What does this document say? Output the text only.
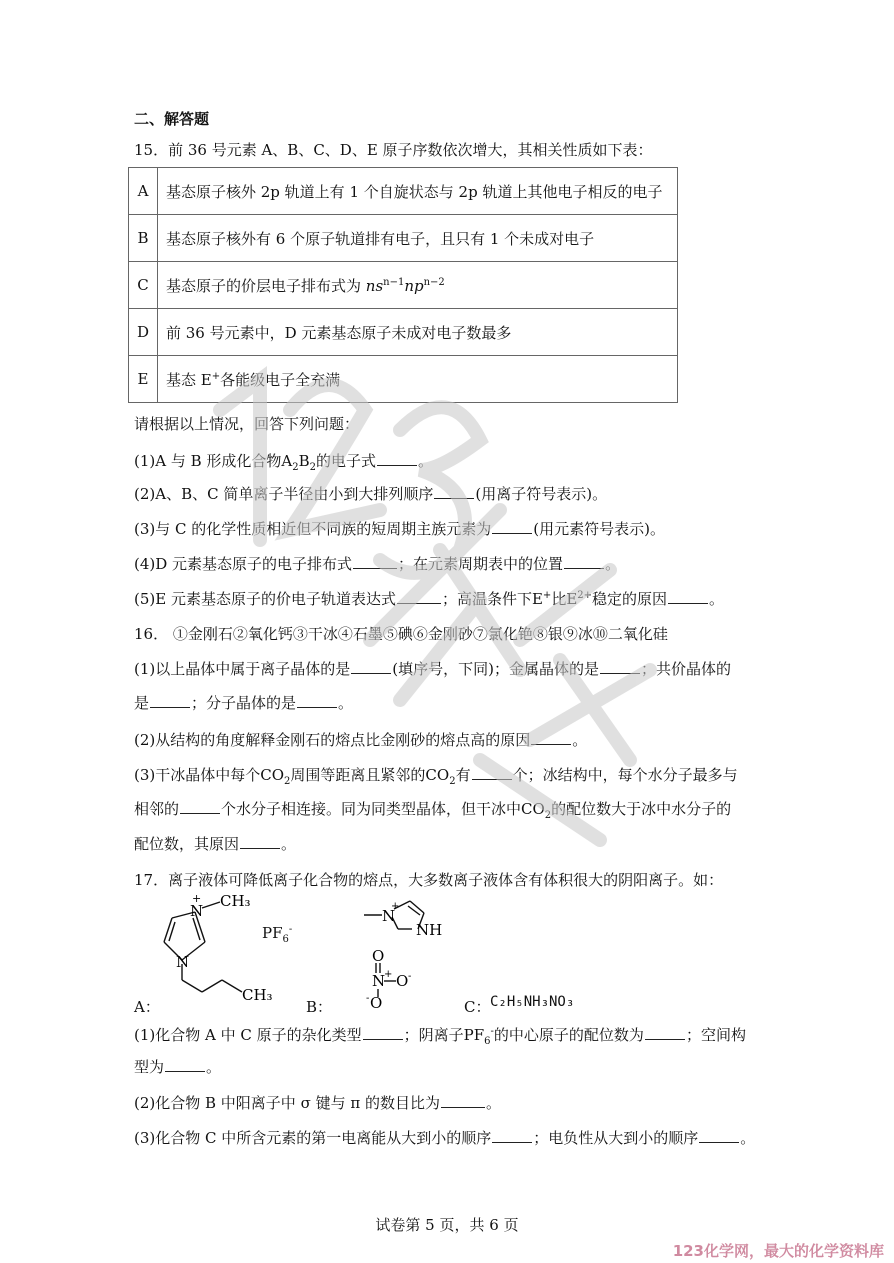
二、解答题
15．前 36 号元素 A、B、C、D、E 原子序数依次增大，其相关性质如下表：
A	基态原子核外 2p 轨道上有 1 个自旋状态与 2p 轨道上其他电子相反的电子
B	基态原子核外有 6 个原子轨道排有电子，且只有 1 个未成对电子
C	基态原子的价层电子排布式为 $ns^{n-1}np^{n-2}$
D	前 36 号元素中，D 元素基态原子未成对电子数最多
E	基态 E+各能级电子全充满
请根据以上情况，回答下列问题：
(1)A 与 B 形成化合物$A_2B_2$的电子式	。
(2)A、B、C 简单离子半径由小到大排列顺序	(用离子符号表示)。
(3)与 C 的化学性质相近但不同族的短周期主族元素为	(用元素符号表示)。
(4)D 元素基态原子的电子排布式	；在元素周期表中的位置	。
(5)E 元素基态原子的价电子轨道表达式	；高温条件下E+比$E^{2+}$稳定的原因	。
16． ①金刚石②氧化钙③干冰④石墨⑤碘⑥金刚砂⑦氯化铯⑧银⑨冰⑩二氧化硅
(1)以上晶体中属于离子晶体的是	(填序号，下同)；金属晶体的是	；共价晶体的
是	；分子晶体的是	。
(2)从结构的角度解释金刚石的熔点比金刚砂的熔点高的原因	。
(3)干冰晶体中每个$CO_2$周围等距离且紧邻的$CO_2$有	个；冰结构中，每个水分子最多与
相邻的	个水分子相连接。同为同类型晶体，但干冰中$CO_2$的配位数大于冰中水分子的
配位数，其原因	。
17．离子液体可降低离子化合物的熔点，大多数离子液体含有体积很大的阴阳离子。如：
N
+ CH₃
N
CH₃
$PF_6^-$
N
+
NH
O
N
+ O -
O
-
A：	B：	C： C₂H₅NH₃NO₃
(1)化合物 A 中 C 原子的杂化类型	；阴离子$PF_6^-$的中心原子的配位数为	；空间构
型为	。
(2)化合物 B 中阳离子中 σ 键与 π 的数目比为	。
(3)化合物 C 中所含元素的第一电离能从大到小的顺序	；电负性从大到小的顺序	。
试卷第 5 页，共 6 页
123化学网，最大的化学资料库
